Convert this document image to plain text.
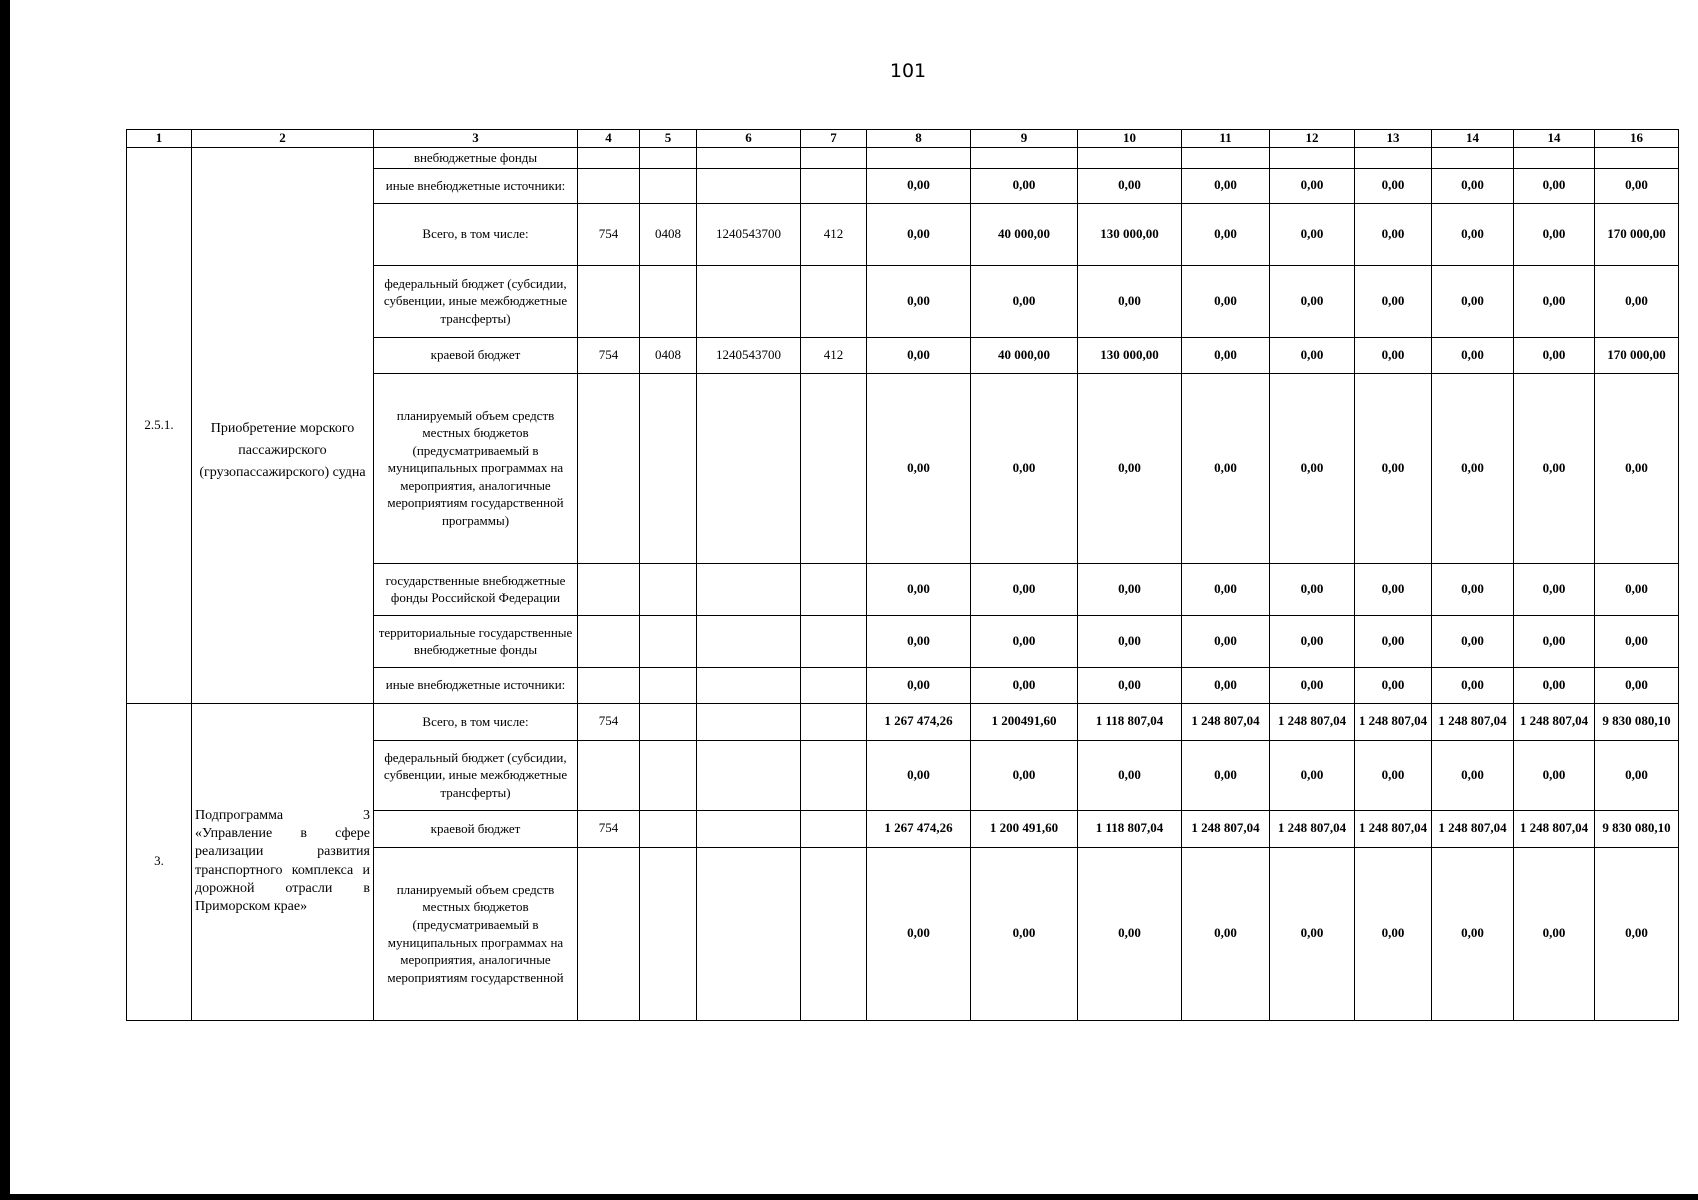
101
1	2	3	4	5	6	7	8	9	10	11	12	13	14	14	16
2.5.1.	Приобретение морского пассажирского (грузопассажирского) судна	внебюджетные фонды													
		иные внебюджетные источники:					0,00	0,00	0,00	0,00	0,00	0,00	0,00	0,00	0,00
		Всего, в том числе:	754	0408	1240543700	412	0,00	40 000,00	130 000,00	0,00	0,00	0,00	0,00	0,00	170 000,00
		федеральный бюджет (субсидии, субвенции, иные межбюджетные трансферты)					0,00	0,00	0,00	0,00	0,00	0,00	0,00	0,00	0,00
		краевой бюджет	754	0408	1240543700	412	0,00	40 000,00	130 000,00	0,00	0,00	0,00	0,00	0,00	170 000,00
		планируемый объем средств местных бюджетов (предусматриваемый в муниципальных программах на мероприятия, аналогичные мероприятиям государственной программы)					0,00	0,00	0,00	0,00	0,00	0,00	0,00	0,00	0,00
		государственные внебюджетные фонды Российской Федерации					0,00	0,00	0,00	0,00	0,00	0,00	0,00	0,00	0,00
		территориальные государственные внебюджетные фонды					0,00	0,00	0,00	0,00	0,00	0,00	0,00	0,00	0,00
		иные внебюджетные источники:					0,00	0,00	0,00	0,00	0,00	0,00	0,00	0,00	0,00
3.	Подпрограмма 3 «Управление в сфере реализации развития транспортного комплекса и дорожной отрасли в Приморском крае»	Всего, в том числе:	754				1 267 474,26	1 200491,60	1 118 807,04	1 248 807,04	1 248 807,04	1 248 807,04	1 248 807,04	1 248 807,04	9 830 080,10
		федеральный бюджет (субсидии, субвенции, иные межбюджетные трансферты)					0,00	0,00	0,00	0,00	0,00	0,00	0,00	0,00	0,00
		краевой бюджет	754				1 267 474,26	1 200 491,60	1 118 807,04	1 248 807,04	1 248 807,04	1 248 807,04	1 248 807,04	1 248 807,04	9 830 080,10
		планируемый объем средств местных бюджетов (предусматриваемый в муниципальных программах на мероприятия, аналогичные мероприятиям государственной					0,00	0,00	0,00	0,00	0,00	0,00	0,00	0,00	0,00
